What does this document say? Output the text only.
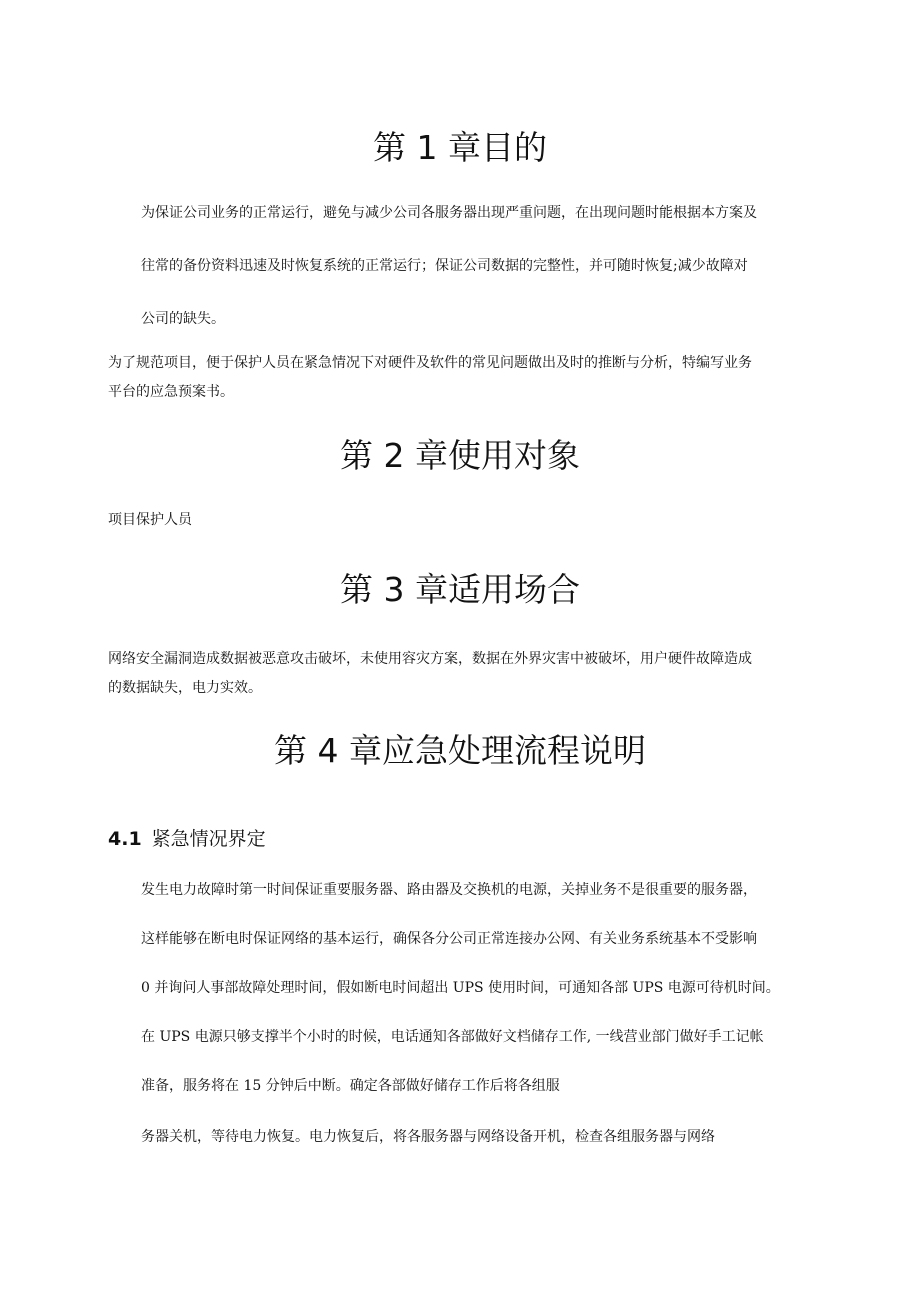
第 1 章目的

为保证公司业务的正常运行，避免与减少公司各服务器出现严重问题，在出现问题时能根据本方案及
往常的备份资料迅速及时恢复系统的正常运行；保证公司数据的完整性，并可随时恢复;减少故障对
公司的缺失。

为了规范项目，便于保护人员在紧急情况下对硬件及软件的常见问题做出及时的推断与分析，特编写业务
平台的应急预案书。

第 2 章使用对象

项目保护人员

第 3 章适用场合

网络安全漏洞造成数据被恶意攻击破坏，未使用容灾方案，数据在外界灾害中被破坏，用户硬件故障造成
的数据缺失，电力实效。

第 4 章应急处理流程说明
4.1 紧急情况界定

发生电力故障时第一时间保证重要服务器、路由器及交换机的电源，关掉业务不是很重要的服务器，
这样能够在断电时保证网络的基本运行，确保各分公司正常连接办公网、有关业务系统基本不受影响
0 并询问人事部故障处理时间，假如断电时间超出 UPS 使用时间，可通知各部 UPS 电源可待机时间。
在 UPS 电源只够支撑半个小时的时候，电话通知各部做好文档储存工作, 一线营业部门做好手工记帐
准备，服务将在 15 分钟后中断。确定各部做好储存工作后将各组服
务器关机，等待电力恢复。电力恢复后，将各服务器与网络设备开机，检查各组服务器与网络
